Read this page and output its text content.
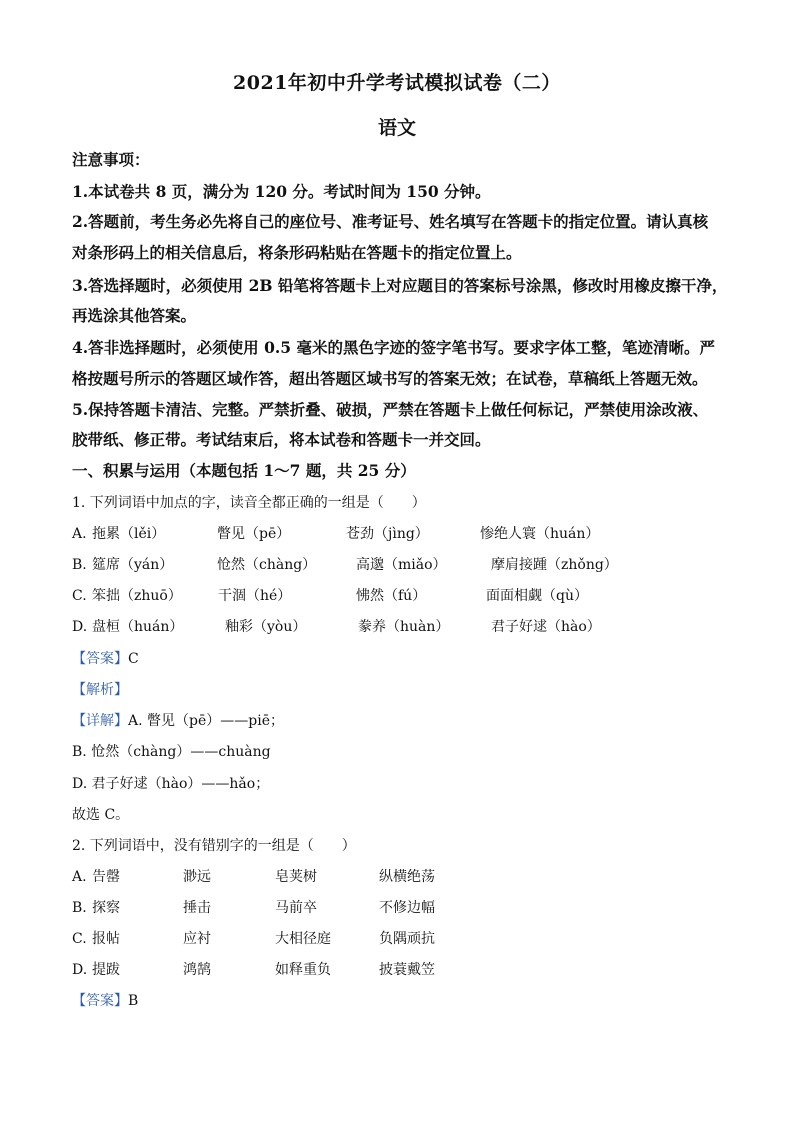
2021年初中升学考试模拟试卷（二）
语文
注意事项：
1.本试卷共 8 页，满分为 120 分。考试时间为 150 分钟。
2.答题前，考生务必先将自己的座位号、准考证号、姓名填写在答题卡的指定位置。请认真核
对条形码上的相关信息后，将条形码粘贴在答题卡的指定位置上。
3.答选择题时，必须使用 2B 铅笔将答题卡上对应题目的答案标号涂黑，修改时用橡皮擦干净，
再选涂其他答案。
4.答非选择题时，必须使用 0.5 毫米的黑色字迹的签字笔书写。要求字体工整，笔迹清晰。严
格按题号所示的答题区域作答，超出答题区域书写的答案无效；在试卷，草稿纸上答题无效。
5.保持答题卡清洁、完整。严禁折叠、破损，严禁在答题卡上做任何标记，严禁使用涂改液、
胶带纸、修正带。考试结束后，将本试卷和答题卡一并交回。
一、积累与运用（本题包括 1～7 题，共 25 分）
1. 下列词语中加点的字，读音全都正确的一组是（　　）
A. 拖累（lěi）	瞥见（pē）	苍劲（jìng）	惨绝人寰（huán）
B. 筵席（yán）	怆然（chàng）	高邈（miǎo）	摩肩接踵（zhǒng）
C. 笨拙（zhuō）	干涸（hé）	怫然（fú）	面面相觑（qù）
D. 盘桓（huán）	釉彩（yòu）	豢养（huàn）	君子好逑（hào）
【答案】C
【解析】
【详解】A. 瞥见（pē）——piē；
B. 怆然（chàng）——chuàng
D. 君子好逑（hào）——hǎo；
故选 C。
2. 下列词语中，没有错别字的一组是（　　）
A. 告罄	渺远	皂荚树	纵横绝荡
B. 探察	捶击	马前卒	不修边幅
C. 报帖	应衬	大相径庭	负隅顽抗
D. 提跋	鸿鹄	如释重负	披蓑戴笠
【答案】B
